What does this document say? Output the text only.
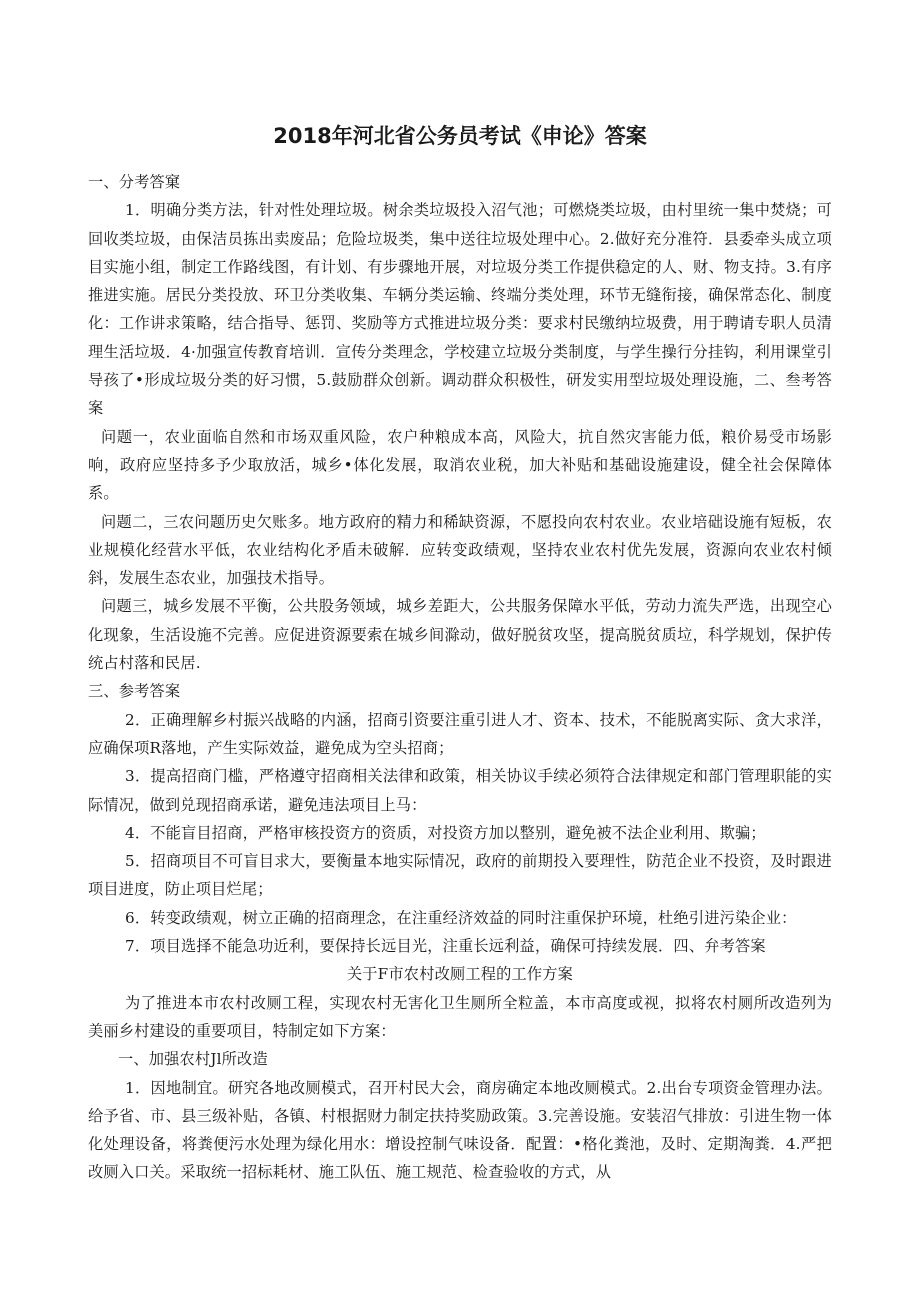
2018年河北省公务员考试《申论》答案

一、分考答窠

1．明确分类方法，针对性处理垃圾。树余类垃圾投入沼气池；可燃烧类垃圾，由村里统一集中焚烧；可回收类垃圾，由保洁员拣出卖废品；危险垃圾类，集中送往垃圾处理中心。2.做好充分准符．县委牵头成立项目实施小组，制定工作路线图，有计划、有步骤地开展，对垃圾分类工作提供稳定的人、财、物支持。3.有序推进实施。居民分类投放、环卫分类收集、车辆分类运输、终端分类处理，环节无缝衔接，确保常态化、制度化：工作讲求策略，结合指导、惩罚、奖励等方式推进垃圾分类：要求村民缴纳垃圾费，用于聘请专职人员清理生活垃圾．4·加强宣传教育培训．宣传分类理念，学校建立垃圾分类制度，与学生操行分挂钩，利用课堂引导孩了•形成垃圾分类的好习惯，5.鼓励群众创新。调动群众积极性，研发实用型垃圾处理设施，二、叁考答案

问题一，农业面临自然和市场双重风险，农户种粮成本高，风险大，抗自然灾害能力低，粮价易受市场影响，政府应坚持多予少取放活，城乡•体化发展，取消农业税，加大补贴和基础设施建设，健全社会保障体系。

问题二，三农问题历史欠账多。地方政府的精力和稀缺资源，不愿投向农村农业。农业培础设施有短板，农业规模化经营水平低，农业结构化矛盾未破解．应转变政绩观，坚持农业农村优先发展，资源向农业农村倾斜，发展生态农业，加强技术指导。

问题三，城乡发展不平衡，公共股务领域，城乡差距大，公共服务保障水平低，劳动力流失严选，出现空心化现象，生活设施不完善。应促进资源要索在城乡间滁动，做好脱贫攻坚，提高脱贫质垃，科学规划，保护传统占村落和民居.

三、参考答案

2．正确理解乡村振兴战略的内涵，招商引资要注重引进人才、资本、技术，不能脱离实际、贪大求洋，应确保项R落地，产生实际效益，避免成为空头招商；

3．提高招商门槛，严格遵守招商相关法律和政策，相关协议手续必须符合法律规定和部门管理职能的实际情况，做到兑现招商承诺，避免违法项目上马：

4．不能盲目招商，严格审核投资方的资质，对投资方加以整别，避免被不法企业利用、欺骗；

5．招商项目不可盲目求大，要衡量本地实际情况，政府的前期投入要理性，防范企业不投资，及时跟进项目进度，防止项目烂尾；

6．转变政绩观，树立正确的招商理念，在注重经济效益的同时注重保护环境，杜绝引进污染企业：

7．项目选择不能急功近利，要保持长远目光，注重长远利益，确保可持续发展．四、弁考答案

关于F市农村改厕工程的工作方案

为了推进本市农村改厕工程，实现农村无害化卫生厕所全粒盖，本市高度或视，拟将农村厕所改造列为美丽乡村建设的重要项目，特制定如下方案：

一、加强农村Jl所改造

1．因地制宜。研究各地改厕模式，召开村民大会，商房确定本地改厕模式。2.出台专项资金管理办法。给予省、市、县三级补贴，各镇、村根据财力制定扶持奖励政策。3.完善设施。安装沼气排放：引进生物一体化处理设备，将粪便污水处理为绿化用水：增设控制气味设备．配置：•格化粪池，及时、定期淘粪．4.严把改厕入口关。采取统一招标耗材、施工队伍、施工规范、检查验收的方式，从
